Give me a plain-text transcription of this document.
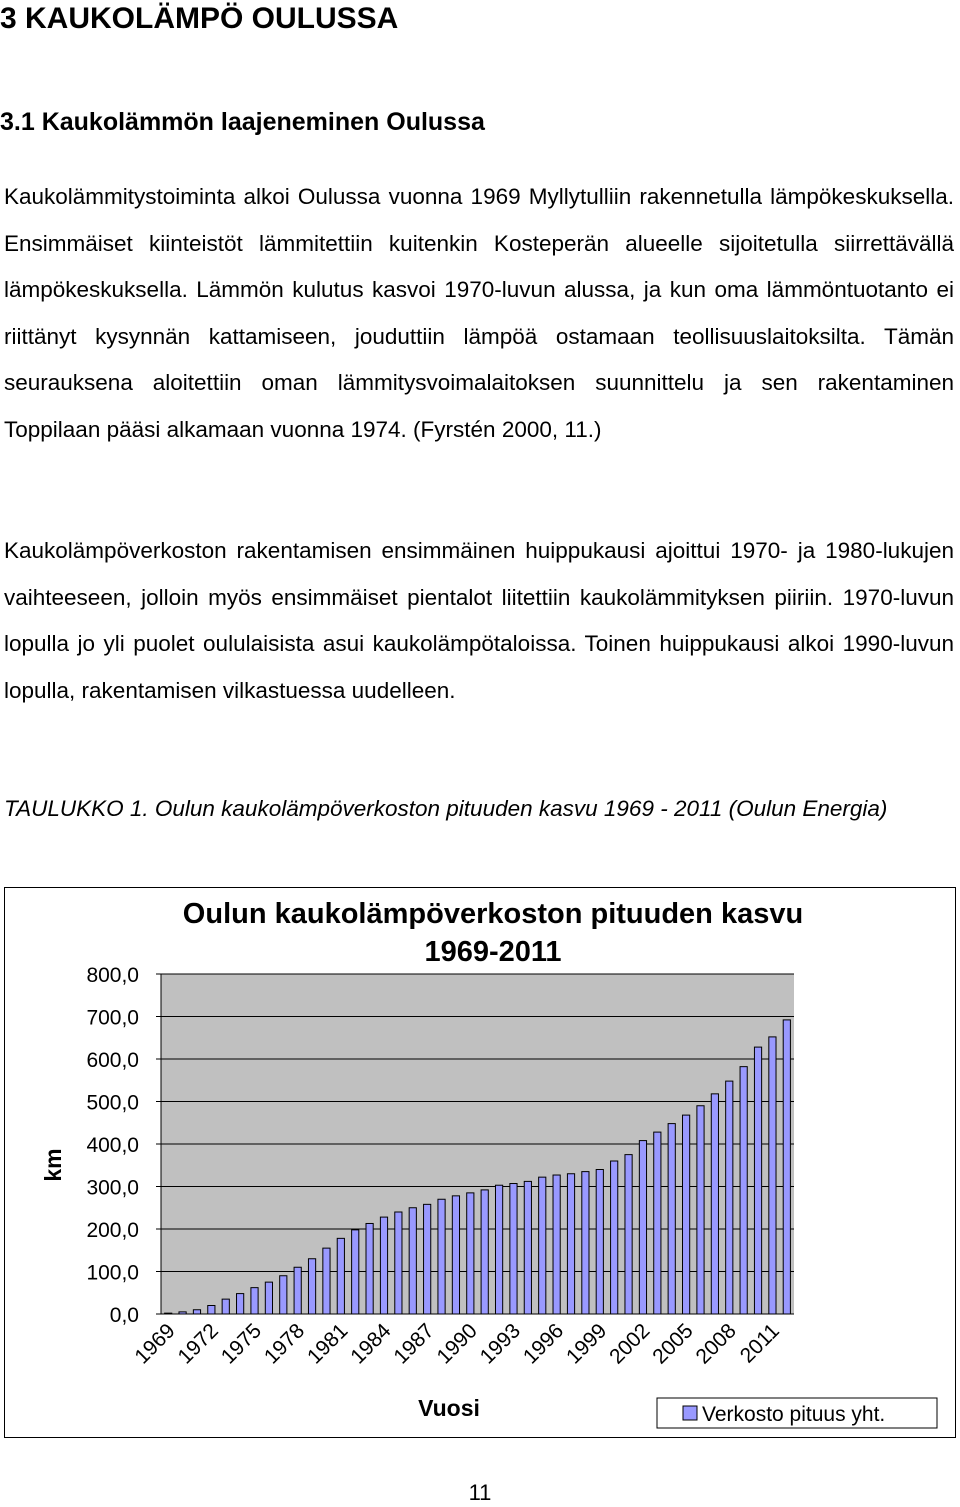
3 KAUKOLÄMPÖ OULUSSA
3.1 Kaukolämmön laajeneminen Oulussa

Kaukolämmitystoiminta alkoi Oulussa vuonna 1969 Myllytulliin rakennetulla lämpökeskuksella. Ensimmäiset kiinteistöt lämmitettiin kuitenkin Kosteperän alueelle sijoitetulla siirrettävällä lämpökeskuksella. Lämmön kulutus kasvoi 1970-luvun alussa, ja kun oma lämmöntuotanto ei riittänyt kysynnän kattamiseen, jouduttiin lämpöä ostamaan teollisuuslaitoksilta. Tämän seurauksena aloitettiin oman lämmitysvoimalaitoksen suunnittelu ja sen rakentaminen Toppilaan pääsi alkamaan vuonna 1974. (Fyrstén 2000, 11.)

Kaukolämpöverkoston rakentamisen ensimmäinen huippukausi ajoittui 1970- ja 1980-lukujen vaihteeseen, jolloin myös ensimmäiset pientalot liitettiin kaukolämmityksen piiriin. 1970-luvun lopulla jo yli puolet oululaisista asui kaukolämpötaloissa. Toinen huippukausi alkoi 1990-luvun lopulla, rakentamisen vilkastuessa uudelleen.

TAULUKKO 1. Oulun kaukolämpöverkoston pituuden kasvu 1969 - 2011 (Oulun Energia)

Oulun kaukolämpöverkoston pituuden kasvu
1969-2011
0,0
100,0
200,0
300,0
400,0
500,0
600,0
700,0
800,0
1969
1972
1975
1978
1981
1984
1987
1990
1993
1996
1999
2002
2005
2008
2011
km
Vuosi	Verkosto pituus yht.

11
